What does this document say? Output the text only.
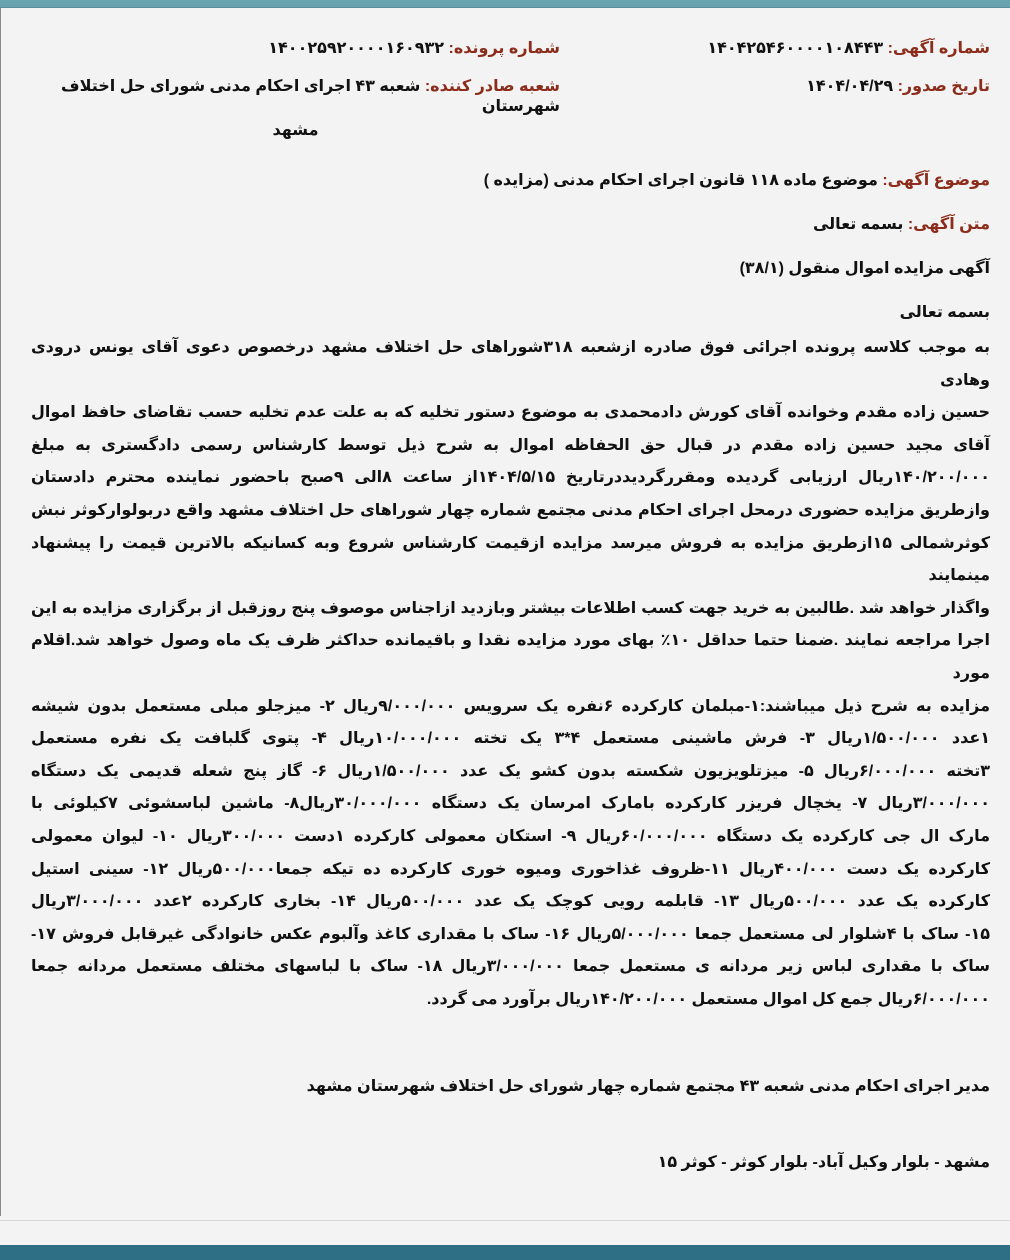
شماره آگهی: ۱۴۰۴۲۵۴۶۰۰۰۰۱۰۸۴۴۳
شماره پرونده: ۱۴۰۰۲۵۹۲۰۰۰۰۱۶۰۹۳۲
تاریخ صدور: ۱۴۰۴/۰۴/۲۹
شعبه صادر کننده: شعبه ۴۳ اجرای احکام مدنی شورای حل اختلاف شهرستان
مشهد
موضوع آگهی: موضوع ماده ۱۱۸ قانون اجرای احکام مدنی (مزایده )
متن آگهی: بسمه تعالی
آگهی مزایده اموال منقول (۳۸/۱)
بسمه تعالی
به موجب کلاسه پرونده اجرائی فوق صادره ازشعبه ۳۱۸شوراهای حل اختلاف مشهد درخصوص دعوی آقای یونس درودی وهادی
حسین زاده مقدم وخوانده آقای کورش دادمحمدی به موضوع دستور تخلیه که به علت عدم تخلیه حسب تقاضای حافظ اموال
آقای مجید حسین زاده مقدم در قبال حق الحفاظه اموال به شرح ذیل توسط کارشناس رسمی دادگستری به مبلغ
۱۴۰/۲۰۰/۰۰۰ریال ارزیابی گردیده ومقررگردیددرتاریخ ۱۴۰۴/۵/۱۵از ساعت ۸الی ۹صبح باحضور نماینده محترم دادستان
وازطریق مزایده حضوری درمحل اجرای احکام مدنی مجتمع شماره چهار شوراهای حل اختلاف مشهد واقع دربولوارکوثر نبش
کوثرشمالی ۱۵ازطریق مزایده به فروش میرسد مزایده ازقیمت کارشناس شروع وبه کسانیکه بالاترین قیمت را پیشنهاد مینمایند
واگذار خواهد شد .طالبین به خرید جهت کسب اطلاعات بیشتر وبازدید ازاجناس موصوف پنج روزقبل از برگزاری مزایده به این
اجرا مراجعه نمایند .ضمنا حتما حداقل ۱۰٪ بهای مورد مزایده نقدا و باقیمانده حداکثر ظرف یک ماه وصول خواهد شد.اقلام مورد
مزایده به شرح ذیل میباشند:۱-مبلمان کارکرده ۶نفره یک سرویس ۹/۰۰۰/۰۰۰ریال ۲- میزجلو مبلی مستعمل بدون شیشه
۱عدد ۱/۵۰۰/۰۰۰ریال ۳- فرش ماشینی مستعمل ۴*۳ یک تخته ۱۰/۰۰۰/۰۰۰ریال ۴- پتوی گلبافت یک نفره مستعمل
۳تخته ۶/۰۰۰/۰۰۰ریال ۵- میزتلویزیون شکسته بدون کشو یک عدد ۱/۵۰۰/۰۰۰ریال ۶- گاز پنج شعله قدیمی یک دستگاه
۳/۰۰۰/۰۰۰ریال ۷- یخچال فریزر کارکرده بامارک امرسان یک دستگاه ۳۰/۰۰۰/۰۰۰ریال۸- ماشین لباسشوئی ۷کیلوئی با
مارک ال جی کارکرده یک دستگاه ۶۰/۰۰۰/۰۰۰ریال ۹- استکان معمولی کارکرده ۱دست ۳۰۰/۰۰۰ریال ۱۰- لیوان معمولی
کارکرده یک دست ۴۰۰/۰۰۰ریال ۱۱-ظروف غذاخوری ومیوه خوری کارکرده ده تیکه جمعا۵۰۰/۰۰۰ریال ۱۲- سینی استیل
کارکرده یک عدد ۵۰۰/۰۰۰ریال ۱۳- قابلمه رویی کوچک یک عدد ۵۰۰/۰۰۰ریال ۱۴- بخاری کارکرده ۲عدد ۳/۰۰۰/۰۰۰ریال
۱۵- ساک با ۴شلوار لی مستعمل جمعا ۵/۰۰۰/۰۰۰ریال ۱۶- ساک با مقداری کاغذ وآلبوم عکس خانوادگی غیرقابل فروش ۱۷-
ساک با مقداری لباس زیر مردانه ی مستعمل جمعا ۳/۰۰۰/۰۰۰ریال ۱۸- ساک با لباسهای مختلف مستعمل مردانه جمعا
۶/۰۰۰/۰۰۰ریال جمع کل اموال مستعمل ۱۴۰/۲۰۰/۰۰۰ریال برآورد می گردد.
مدیر اجرای احکام مدنی شعبه ۴۳ مجتمع شماره چهار شورای حل اختلاف شهرستان مشهد
مشهد - بلوار وکیل آباد- بلوار کوثر - کوثر ۱۵
